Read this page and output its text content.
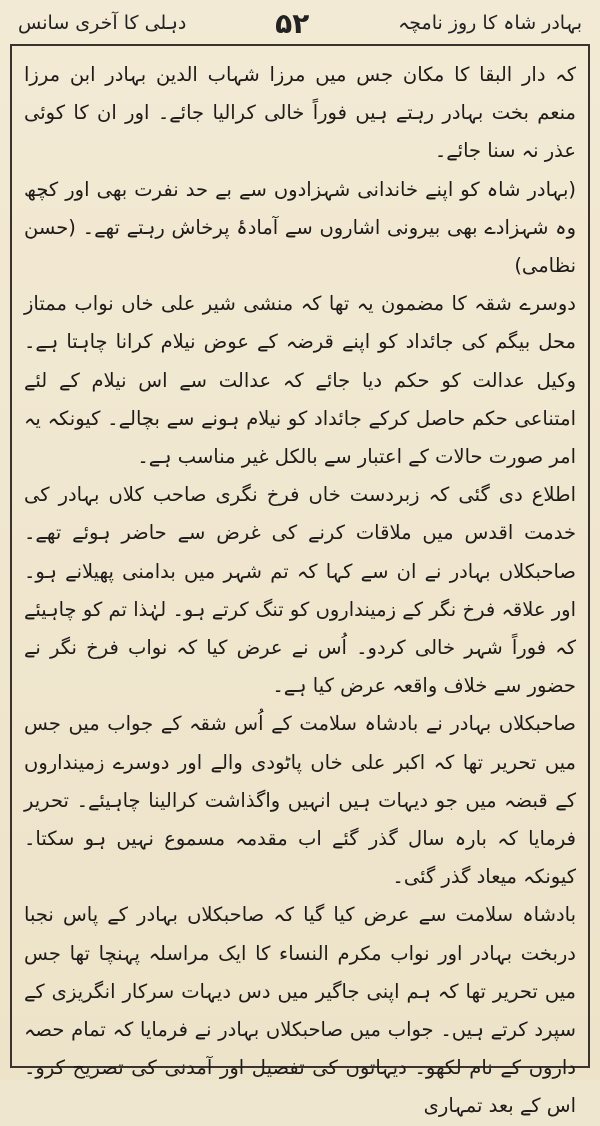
بہادر شاہ کا روز نامچہ
۵۲
دہلی کا آخری سانس

کہ دار البقا کا مکان جس میں مرزا شہاب الدین بہادر ابن مرزا منعم بخت بہادر رہتے ہیں فوراً خالی کرالیا جائے۔ اور ان کا کوئی عذر نہ سنا جائے۔

(بہادر شاہ کو اپنے خاندانی شہزادوں سے بے حد نفرت بھی اور کچھ وہ شہزادے بھی بیرونی اشاروں سے آمادۂ پرخاش رہتے تھے۔ (حسن نظامی)

دوسرے شقہ کا مضمون یہ تھا کہ منشی شیر علی خاں نواب ممتاز محل بیگم کی جائداد کو اپنے قرضہ کے عوض نیلام کرانا چاہتا ہے۔ وکیل عدالت کو حکم دیا جائے کہ عدالت سے اس نیلام کے لئے امتناعی حکم حاصل کرکے جائداد کو نیلام ہونے سے بچالے۔ کیونکہ یہ امر صورت حالات کے اعتبار سے بالکل غیر مناسب ہے۔

اطلاع دی گئی کہ زبردست خاں فرخ نگری صاحب کلاں بہادر کی خدمت اقدس میں ملاقات کرنے کی غرض سے حاضر ہوئے تھے۔ صاحبکلاں بہادر نے ان سے کہا کہ تم شہر میں بدامنی پھیلانے ہو۔ اور علاقہ فرخ نگر کے زمینداروں کو تنگ کرتے ہو۔ لہٰذا تم کو چاہیئے کہ فوراً شہر خالی کردو۔ اُس نے عرض کیا کہ نواب فرخ نگر نے حضور سے خلاف واقعہ عرض کیا ہے۔

صاحبکلاں بہادر نے بادشاہ سلامت کے اُس شقہ کے جواب میں جس میں تحریر تھا کہ اکبر علی خاں پاٹودی والے اور دوسرے زمینداروں کے قبضہ میں جو دیہات ہیں انہیں واگذاشت کرالینا چاہیئے۔ تحریر فرمایا کہ بارہ سال گذر گئے اب مقدمہ مسموع نہیں ہو سکتا۔ کیونکہ میعاد گذر گئی۔

بادشاہ سلامت سے عرض کیا گیا کہ صاحبکلاں بہادر کے پاس نجبا دربخت بہادر اور نواب مکرم النساء کا ایک مراسلہ پہنچا تھا جس میں تحریر تھا کہ ہم اپنی جاگیر میں دس دیہات سرکار انگریزی کے سپرد کرتے ہیں۔ جواب میں صاحبکلاں بہادر نے فرمایا کہ تمام حصہ داروں کے نام لکھو۔ دیہاتوں کی تفصیل اور آمدنی کی تصریح کرو۔ اس کے بعد تمہاری
